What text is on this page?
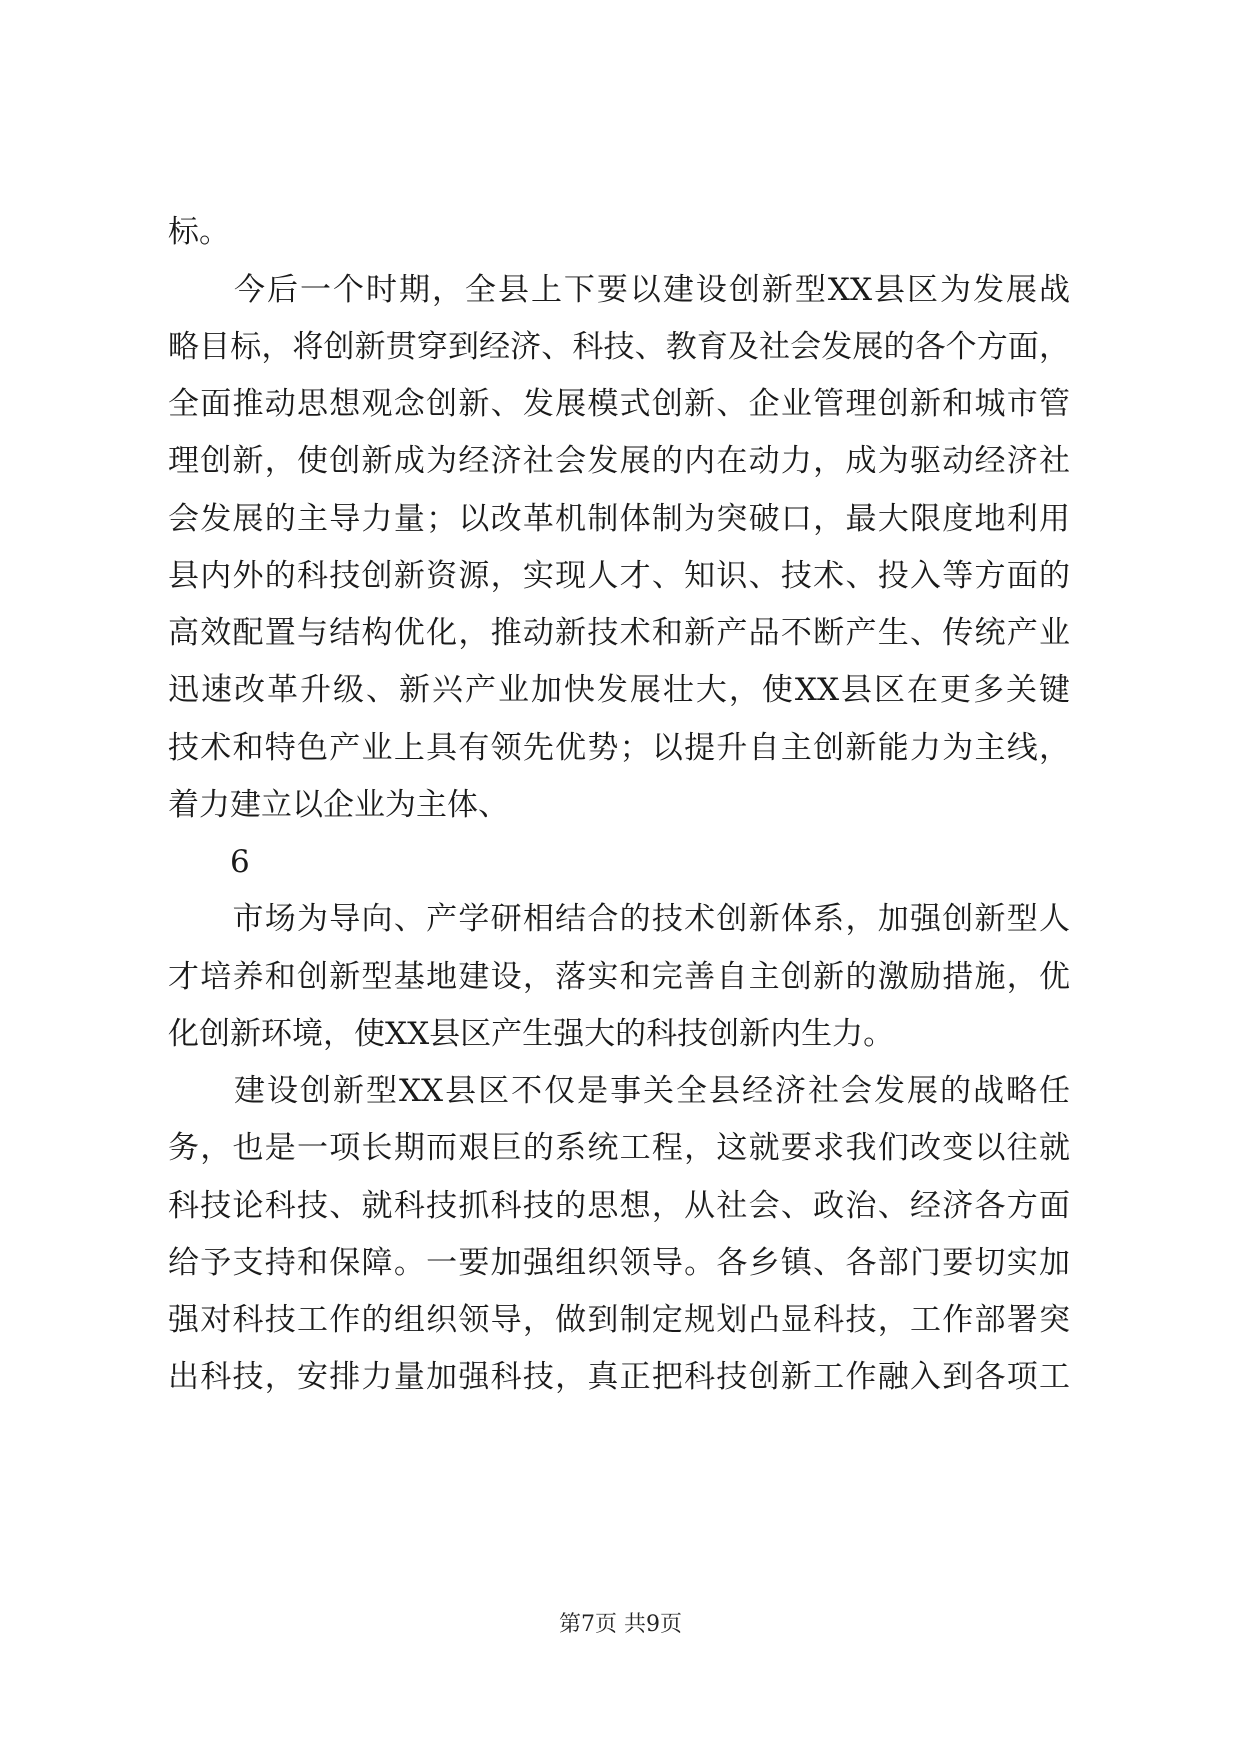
标。
　　今后一个时期，全县上下要以建设创新型XX县区为发展战
略目标，将创新贯穿到经济、科技、教育及社会发展的各个方面，
全面推动思想观念创新、发展模式创新、企业管理创新和城市管
理创新，使创新成为经济社会发展的内在动力，成为驱动经济社
会发展的主导力量；以改革机制体制为突破口，最大限度地利用
县内外的科技创新资源，实现人才、知识、技术、投入等方面的
高效配置与结构优化，推动新技术和新产品不断产生、传统产业
迅速改革升级、新兴产业加快发展壮大，使XX县区在更多关键
技术和特色产业上具有领先优势；以提升自主创新能力为主线，
着力建立以企业为主体、
　　6
　　市场为导向、产学研相结合的技术创新体系，加强创新型人
才培养和创新型基地建设，落实和完善自主创新的激励措施，优
化创新环境，使XX县区产生强大的科技创新内生力。
　　建设创新型XX县区不仅是事关全县经济社会发展的战略任
务，也是一项长期而艰巨的系统工程，这就要求我们改变以往就
科技论科技、就科技抓科技的思想，从社会、政治、经济各方面
给予支持和保障。一要加强组织领导。各乡镇、各部门要切实加
强对科技工作的组织领导，做到制定规划凸显科技，工作部署突
出科技，安排力量加强科技，真正把科技创新工作融入到各项工
第7页 共9页
